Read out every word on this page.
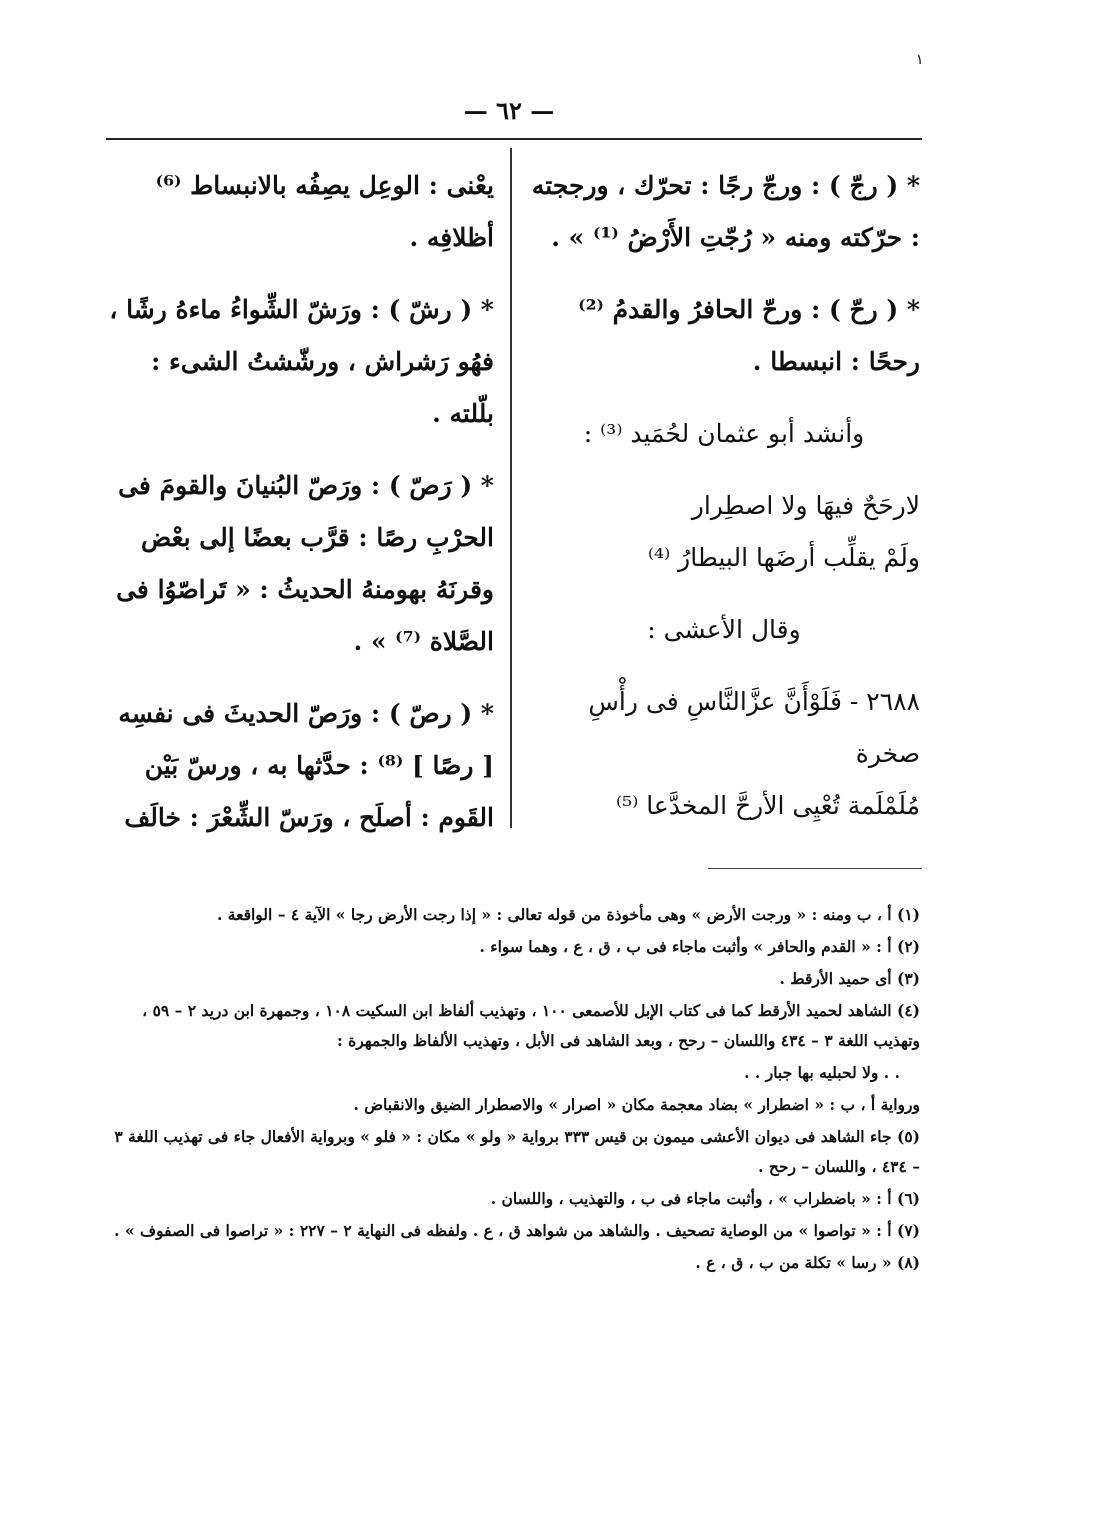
١
— ٦٢ —

* ( رجّ ) : ورجّ رجًا : تحرّك ، ورججته : حرّكته ومنه « رُجّتِ الأَرْضُ ⁽¹⁾ » .

* ( رحّ ) : ورحّ الحافرُ والقدمُ ⁽²⁾ رححًا : انبسطا .

وأنشد أبو عثمان لحُمَيد ⁽³⁾ :

لارحَحٌ فيهَا ولا اصطِرار

ولَمْ يقلِّب أرضَها البيطارُ ⁽⁴⁾

وقال الأعشى :

٢٦٨٨ - فَلَوْأَنَّ عزَّالنَّاسِ فى رأْسِ صخرة

مُلَمْلَمة تُعْيِى الأرحَّ المخدَّعا ⁽⁵⁾

يعْنى : الوعِل يصِفُه بالانبساط ⁽⁶⁾ أظلافِه .

* ( رشّ ) : ورَشّ الشِّواءُ ماءهُ رشًا ، فهُو رَشراش ، ورشّشتُ الشىء : بلّلته .

* ( رَصّ ) : ورَصّ البُنيانَ والقومَ فى الحرْبِ رصًا : قرَّب بعضًا إلى بعْض وقرنَهُ بهومنهُ الحديثُ : « تَراصّوُا فى الصَّلاة ⁽⁷⁾ » .

* ( رصّ ) : ورَصّ الحديثَ فى نفسِه [ رصًا ] ⁽⁸⁾ : حدَّثها به ، ورسّ بَيْن القَوم : أصلَح ، ورَسّ الشِّعْرَ : خالَف

(١) أ ، ب ومنه : « ورجت الأرض » وهى مأخوذة من قوله تعالى : « إذا رجت الأرض رجا » الآية ٤ – الواقعة .

(٢) أ : « القدم والحافر » وأثبت ماجاء فى ب ، ق ، ع ، وهما سواء .

(٣) أى حميد الأرقط .

(٤) الشاهد لحميد الأرقط كما فى كتاب الإبل للأصمعى ١٠٠ ، وتهذيب ألفاظ ابن السكيت ١٠٨ ، وجمهرة ابن دريد ٢ – ٥٩ ، وتهذيب اللغة ٣ – ٤٣٤ واللسان – رحح ، وبعد الشاهد فى الأبل ، وتهذيب الألفاظ والجمهرة :

. . ولا لحبليه بها جبار . .

ورواية أ ، ب : « اضطرار » بضاد معجمة مكان « اصرار » والاصطرار الضيق والانقباض .

(٥) جاء الشاهد فى ديوان الأعشى ميمون بن قيس ٣٣٣ برواية « ولو » مكان : « فلو » وبرواية الأفعال جاء فى تهذيب اللغة ٣ – ٤٣٤ ، واللسان – رحح .

(٦) أ : « باضطراب » ، وأثبت ماجاء فى ب ، والتهذيب ، واللسان .

(٧) أ : « تواصوا » من الوصاية تصحيف . والشاهد من شواهد ق ، ع . ولفظه فى النهاية ٢ – ٢٢٧ : « تراصوا فى الصفوف » .

(٨) « رسا » تكلة من ب ، ق ، ع .
